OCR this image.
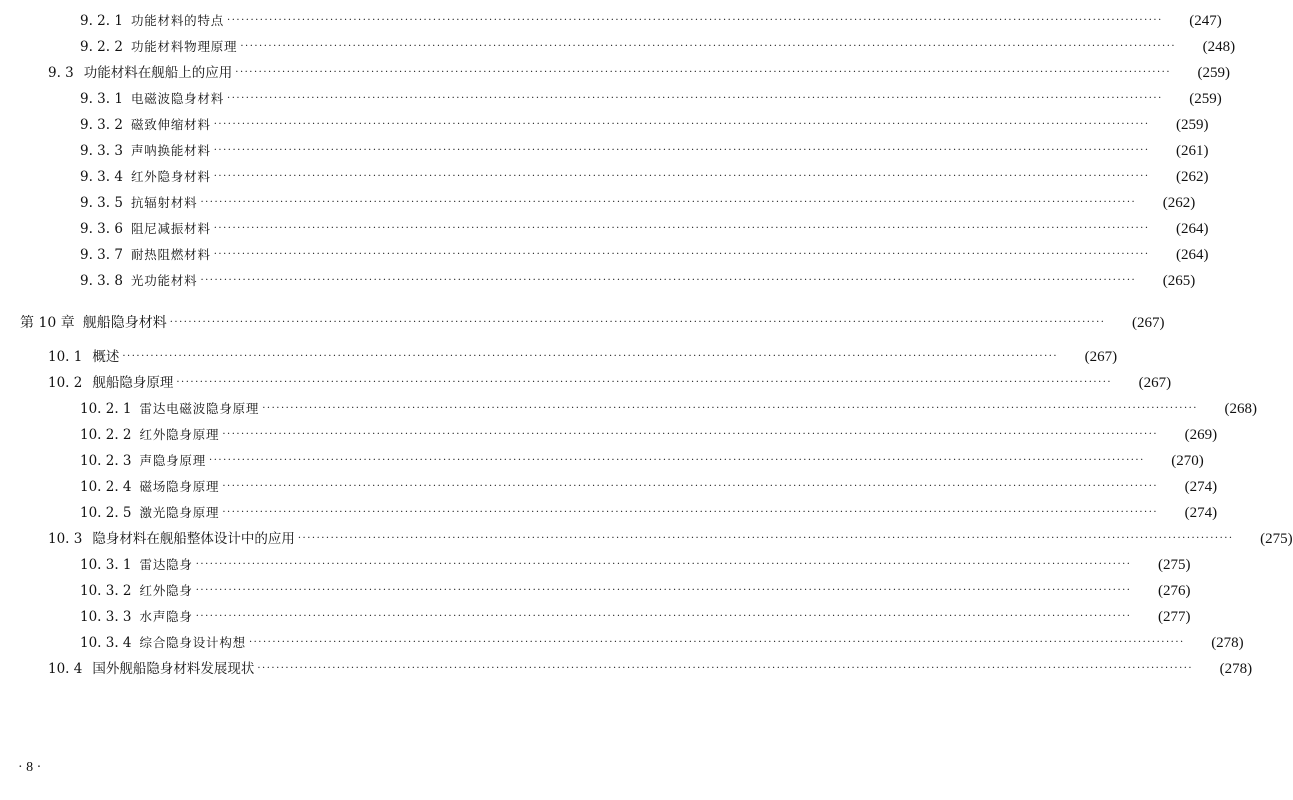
9. 2. 1 功能材料的特点 ········································································································································································································	(247)
9. 2. 2 功能材料物理原理 ········································································································································································································	(248)
9. 3 功能材料在舰船上的应用 ········································································································································································································	(259)
9. 3. 1 电磁波隐身材料 ········································································································································································································	(259)
9. 3. 2 磁致伸缩材料 ········································································································································································································	(259)
9. 3. 3 声呐换能材料 ········································································································································································································	(261)
9. 3. 4 红外隐身材料 ········································································································································································································	(262)
9. 3. 5 抗辐射材料 ········································································································································································································	(262)
9. 3. 6 阻尼减振材料 ········································································································································································································	(264)
9. 3. 7 耐热阻燃材料 ········································································································································································································	(264)
9. 3. 8 光功能材料 ········································································································································································································	(265)
第 10 章 舰船隐身材料 ········································································································································································································	(267)
10. 1 概述 ········································································································································································································	(267)
10. 2 舰船隐身原理 ········································································································································································································	(267)
10. 2. 1 雷达电磁波隐身原理 ········································································································································································································	(268)
10. 2. 2 红外隐身原理 ········································································································································································································	(269)
10. 2. 3 声隐身原理 ········································································································································································································	(270)
10. 2. 4 磁场隐身原理 ········································································································································································································	(274)
10. 2. 5 激光隐身原理 ········································································································································································································	(274)
10. 3 隐身材料在舰船整体设计中的应用 ········································································································································································································	(275)
10. 3. 1 雷达隐身 ········································································································································································································	(275)
10. 3. 2 红外隐身 ········································································································································································································	(276)
10. 3. 3 水声隐身 ········································································································································································································	(277)
10. 3. 4 综合隐身设计构想 ········································································································································································································	(278)
10. 4 国外舰船隐身材料发展现状 ········································································································································································································	(278)
· 8 ·
